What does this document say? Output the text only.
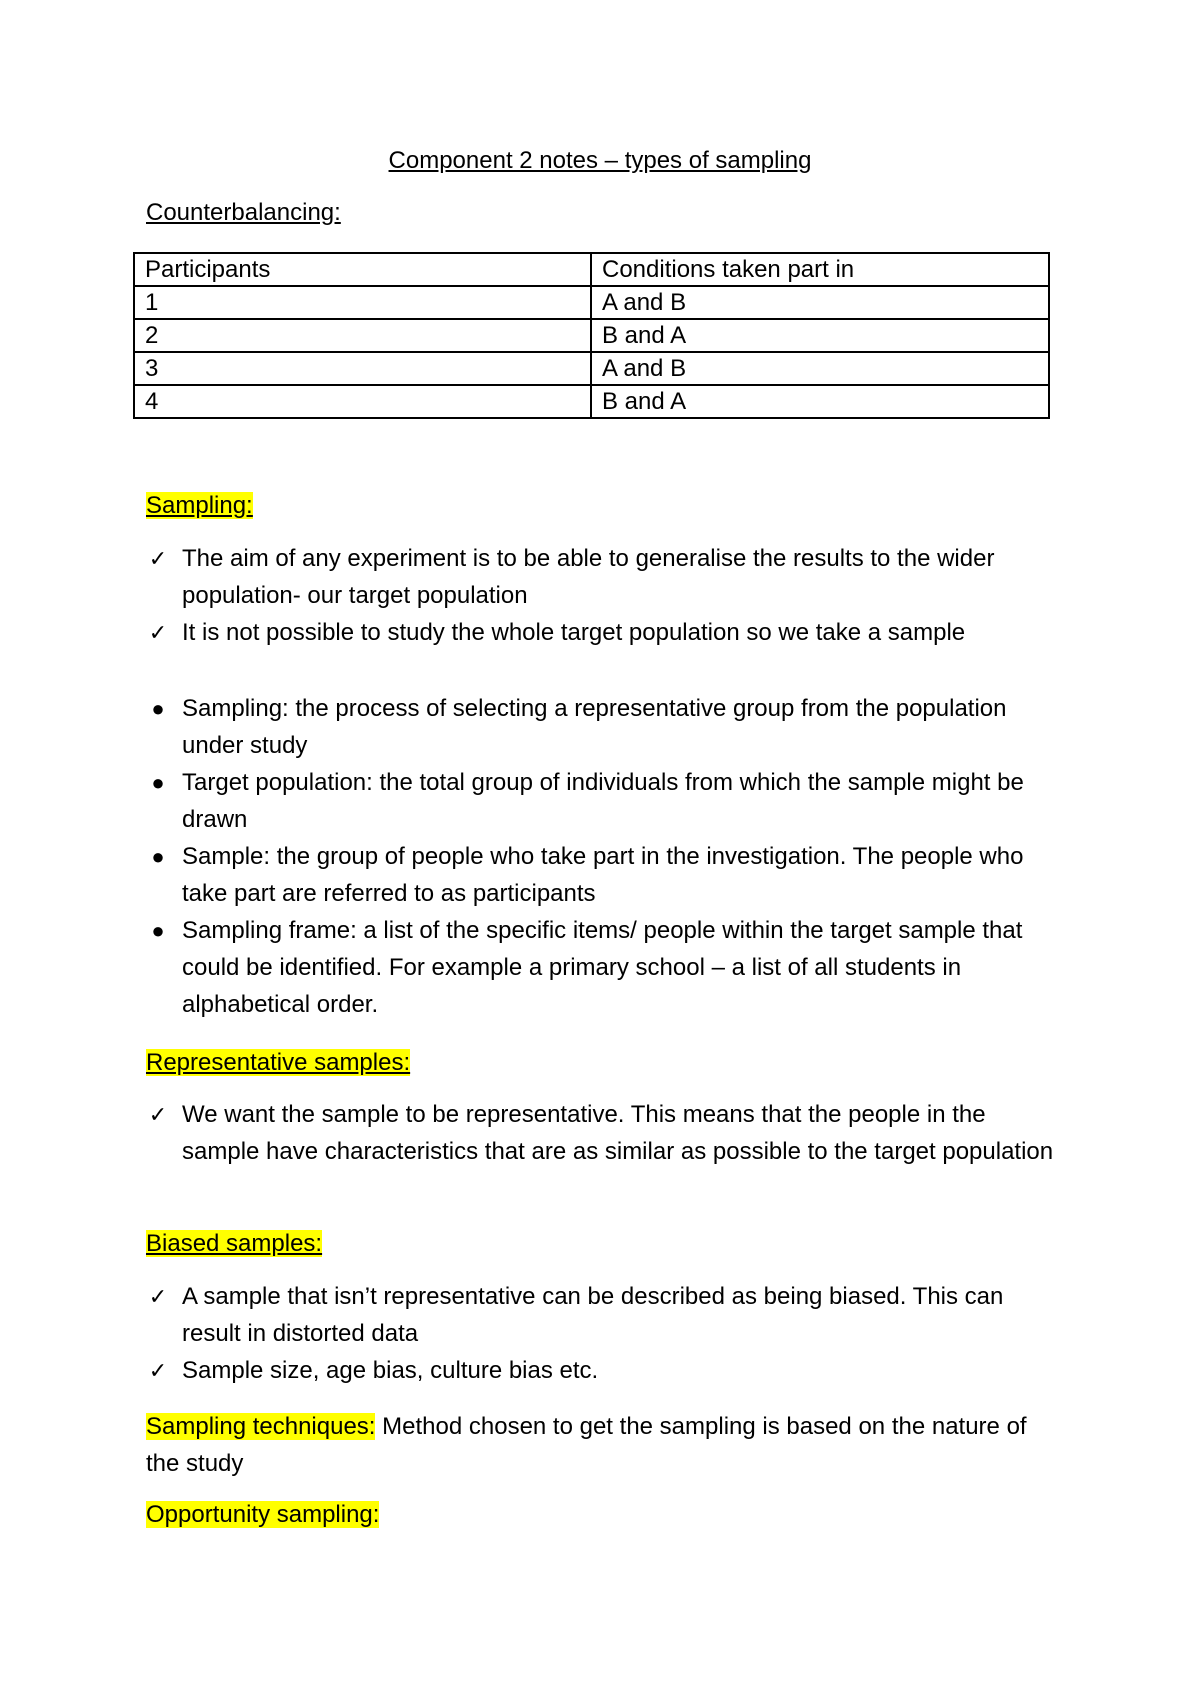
Component 2 notes – types of sampling
Counterbalancing:
Participants	Conditions taken part in
1	A and B
2	B and A
3	A and B
4	B and A
Sampling:
✓ The aim of any experiment is to be able to generalise the results to the wider population- our target population
✓ It is not possible to study the whole target population so we take a sample
● Sampling: the process of selecting a representative group from the population under study
● Target population: the total group of individuals from which the sample might be drawn
● Sample: the group of people who take part in the investigation. The people who take part are referred to as participants
● Sampling frame: a list of the specific items/ people within the target sample that could be identified. For example a primary school – a list of all students in alphabetical order.
Representative samples:
✓ We want the sample to be representative. This means that the people in the sample have characteristics that are as similar as possible to the target population
Biased samples:
✓ A sample that isn’t representative can be described as being biased. This can result in distorted data
✓ Sample size, age bias, culture bias etc.
Sampling techniques: Method chosen to get the sampling is based on the nature of the study
Opportunity sampling:
